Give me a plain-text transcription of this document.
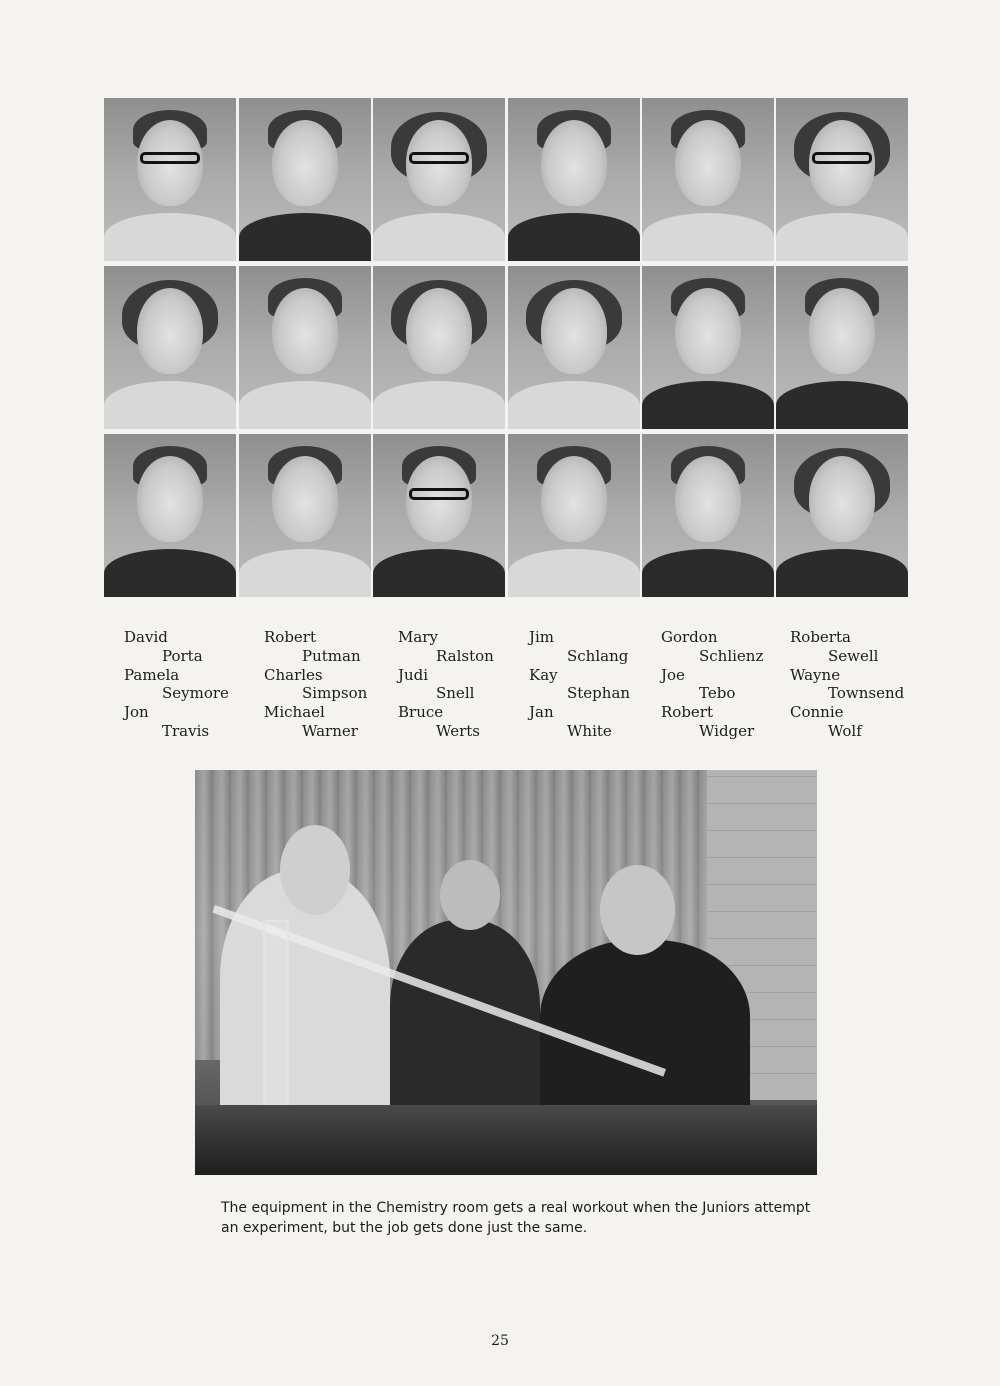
David
Porta
Pamela
Seymore
Jon
Travis
Robert
Putman
Charles
Simpson
Michael
Warner
Mary
Ralston
Judi
Snell
Bruce
Werts
Jim
Schlang
Kay
Stephan
Jan
White
Gordon
Schlienz
Joe
Tebo
Robert
Widger
Roberta
Sewell
Wayne
Townsend
Connie
Wolf

The equipment in the Chemistry room gets a real workout when the Juniors attempt an experiment, but the job gets done just the same.

25
